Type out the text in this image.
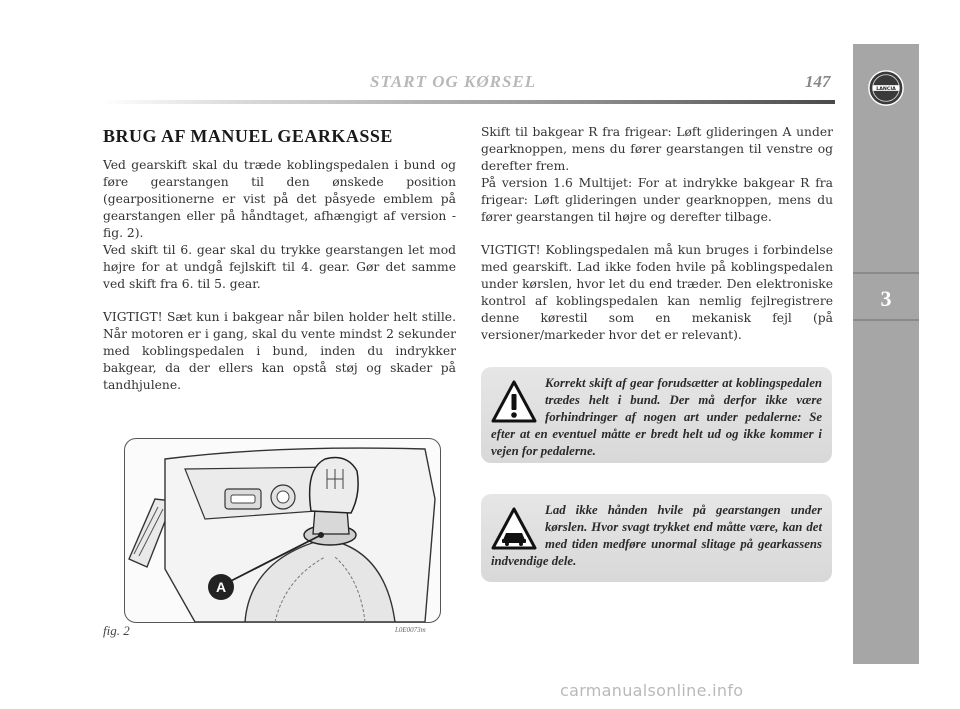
START OG KØRSEL	147
3
LANCIA
BRUG AF MANUEL GEARKASSE

Ved gearskift skal du træde koblingspedalen i bund og føre gearstangen til den ønskede position (gearpositionerne er vist på det påsyede emblem på gearstangen eller på håndtaget, afhængigt af version - fig. 2).

Ved skift til 6. gear skal du trykke gearstangen let mod højre for at undgå fejlskift til 4. gear. Gør det samme ved skift fra 6. til 5. gear.

VIGTIGT! Sæt kun i bakgear når bilen holder helt stille. Når motoren er i gang, skal du vente mindst 2 sekunder med koblingspedalen i bund, inden du indrykker bakgear, da der ellers kan opstå støj og skader på tandhjulene.

Skift til bakgear R fra frigear: Løft glideringen A under gearknoppen, mens du fører gearstangen til venstre og derefter frem.

På version 1.6 Multijet: For at indrykke bakgear R fra frigear: Løft glideringen under gearknoppen, mens du fører gearstangen til højre og derefter tilbage.

VIGTIGT! Koblingspedalen må kun bruges i forbindelse med gearskift. Lad ikke foden hvile på koblingspedalen under kørslen, hvor let du end træder. Den elektroniske kontrol af koblingspedalen kan nemlig fejlregistrere denne kørestil som en mekanisk fejl (på versioner/markeder hvor det er relevant).

Korrekt skift af gear forudsætter at koblingspedalen trædes helt i bund. Der må derfor ikke være forhindringer af nogen art under pedalerne: Se efter at en eventuel måtte er bredt helt ud og ikke kommer i vejen for pedalerne.
Lad ikke hånden hvile på gearstangen under kørslen. Hvor svagt trykket end måtte være, kan det med tiden medføre unormal slitage på gearkassens indvendige dele.
A
fig. 2	L0E0073m
carmanualsonline.info
